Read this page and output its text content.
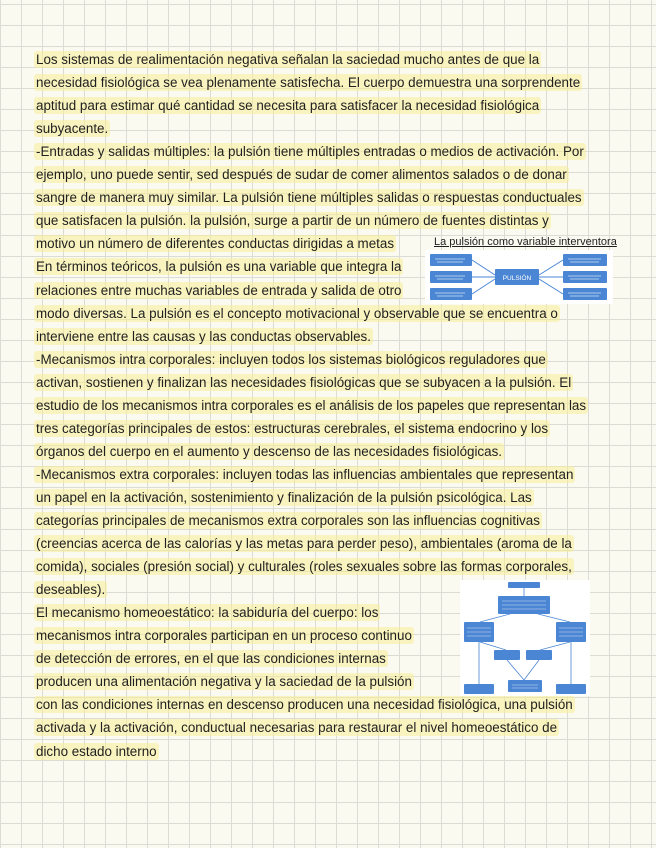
Los sistemas de realimentación negativa señalan la saciedad mucho antes de que la
necesidad fisiológica se vea plenamente satisfecha. El cuerpo demuestra una sorprendente
aptitud para estimar qué cantidad se necesita para satisfacer la necesidad fisiológica
subyacente.
-Entradas y salidas múltiples: la pulsión tiene múltiples entradas o medios de activación. Por
ejemplo, uno puede sentir, sed después de sudar de comer alimentos salados o de donar
sangre de manera muy similar. La pulsión tiene múltiples salidas o respuestas conductuales
que satisfacen la pulsión. la pulsión, surge a partir de un número de fuentes distintas y
motivo un número de diferentes conductas dirigidas a metas
En términos teóricos, la pulsión es una variable que integra la
relaciones entre muchas variables de entrada y salida de otro
modo diversas. La pulsión es el concepto motivacional y observable que se encuentra o
interviene entre las causas y las conductas observables.
-Mecanismos intra corporales: incluyen todos los sistemas biológicos reguladores que
activan, sostienen y finalizan las necesidades fisiológicas que se subyacen a la pulsión. El
estudio de los mecanismos intra corporales es el análisis de los papeles que representan las
tres categorías principales de estos: estructuras cerebrales, el sistema endocrino y los
órganos del cuerpo en el aumento y descenso de las necesidades fisiológicas.
-Mecanismos extra corporales: incluyen todas las influencias ambientales que representan
un papel en la activación, sostenimiento y finalización de la pulsión psicológica. Las
categorías principales de mecanismos extra corporales son las influencias cognitivas
(creencias acerca de las calorías y las metas para perder peso), ambientales (aroma de la
comida), sociales (presión social) y culturales (roles sexuales sobre las formas corporales,
deseables).
El mecanismo homeoestático: la sabiduría del cuerpo: los
mecanismos intra corporales participan en un proceso continuo
de detección de errores, en el que las condiciones internas
producen una alimentación negativa y la saciedad de la pulsión
con las condiciones internas en descenso producen una necesidad fisiológica, una pulsión
activada y la activación, conductual necesarias para restaurar el nivel homeoestático de
dicho estado interno
La pulsión como variable interventora
PULSIÓN
